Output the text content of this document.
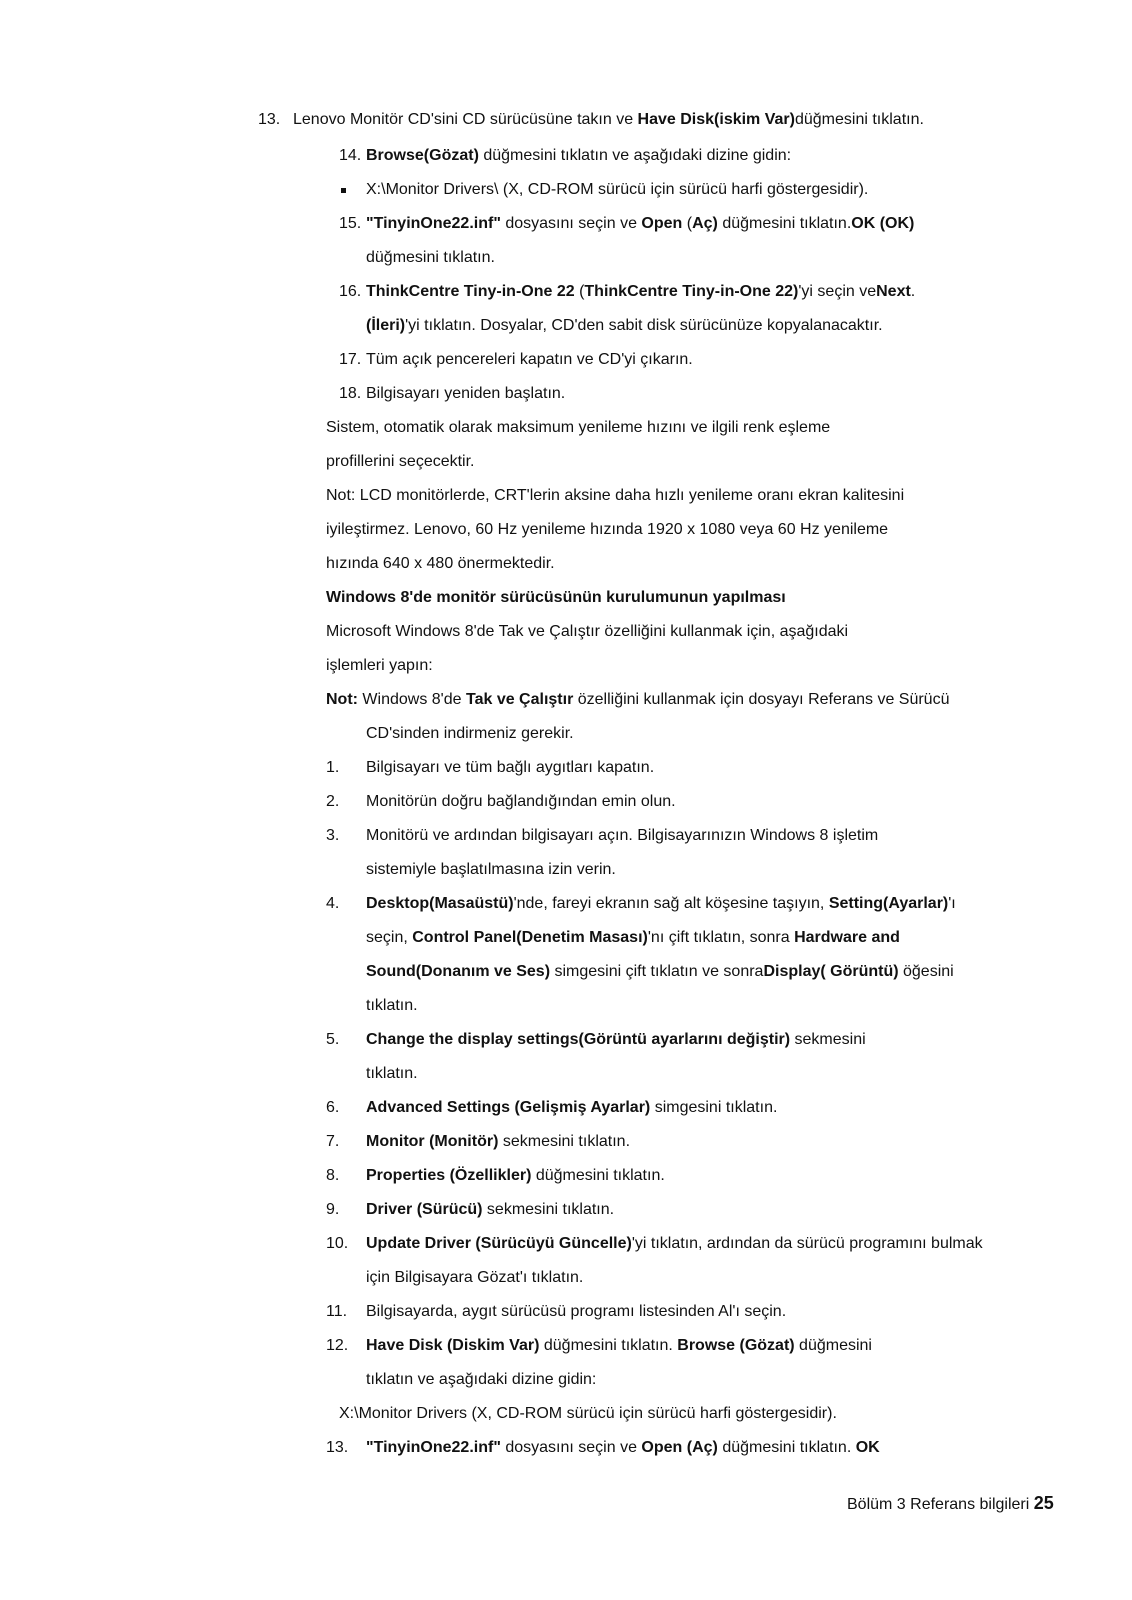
13. Lenovo Monitör CD'sini CD sürücüsüne takın ve Have Disk(iskim Var)düğmesini tıklatın.
14. Browse(Gözat) düğmesini tıklatın ve aşağıdaki dizine gidin:
X:\Monitor Drivers\ (X, CD-ROM sürücü için sürücü harfi göstergesidir).
15. "TinyinOne22.inf" dosyasını seçin ve Open (Aç) düğmesini tıklatın.OK (OK)
düğmesini tıklatın.
16. ThinkCentre Tiny-in-One 22 (ThinkCentre Tiny-in-One 22)'yi seçin veNext.
(İleri)'yi tıklatın. Dosyalar, CD'den sabit disk sürücünüze kopyalanacaktır.
17. Tüm açık pencereleri kapatın ve CD'yi çıkarın.
18. Bilgisayarı yeniden başlatın.
Sistem, otomatik olarak maksimum yenileme hızını ve ilgili renk eşleme
profillerini seçecektir.
Not: LCD monitörlerde, CRT'lerin aksine daha hızlı yenileme oranı ekran kalitesini
iyileştirmez. Lenovo, 60 Hz yenileme hızında 1920 x 1080 veya 60 Hz yenileme
hızında 640 x 480 önermektedir.
Windows 8'de monitör sürücüsünün kurulumunun yapılması
Microsoft Windows 8'de Tak ve Çalıştır özelliğini kullanmak için, aşağıdaki
işlemleri yapın:
Not: Windows 8'de Tak ve Çalıştır özelliğini kullanmak için dosyayı Referans ve Sürücü
CD'sinden indirmeniz gerekir.
1. Bilgisayarı ve tüm bağlı aygıtları kapatın.
2. Monitörün doğru bağlandığından emin olun.
3. Monitörü ve ardından bilgisayarı açın. Bilgisayarınızın Windows 8 işletim
sistemiyle başlatılmasına izin verin.
4. Desktop(Masaüstü)'nde, fareyi ekranın sağ alt köşesine taşıyın, Setting(Ayarlar)'ı
seçin, Control Panel(Denetim Masası)'nı çift tıklatın, sonra Hardware and
Sound(Donanım ve Ses) simgesini çift tıklatın ve sonraDisplay( Görüntü) öğesini
tıklatın.
5. Change the display settings(Görüntü ayarlarını değiştir) sekmesini
tıklatın.
6. Advanced Settings (Gelişmiş Ayarlar) simgesini tıklatın.
7. Monitor (Monitör) sekmesini tıklatın.
8. Properties (Özellikler) düğmesini tıklatın.
9. Driver (Sürücü) sekmesini tıklatın.
10. Update Driver (Sürücüyü Güncelle)'yi tıklatın, ardından da sürücü programını bulmak
için Bilgisayara Gözat'ı tıklatın.
11. Bilgisayarda, aygıt sürücüsü programı listesinden Al'ı seçin.
12. Have Disk (Diskim Var) düğmesini tıklatın. Browse (Gözat) düğmesini
tıklatın ve aşağıdaki dizine gidin:
X:\Monitor Drivers (X, CD-ROM sürücü için sürücü harfi göstergesidir).
13. "TinyinOne22.inf" dosyasını seçin ve Open (Aç) düğmesini tıklatın. OK
Bölüm 3 Referans bilgileri 25
